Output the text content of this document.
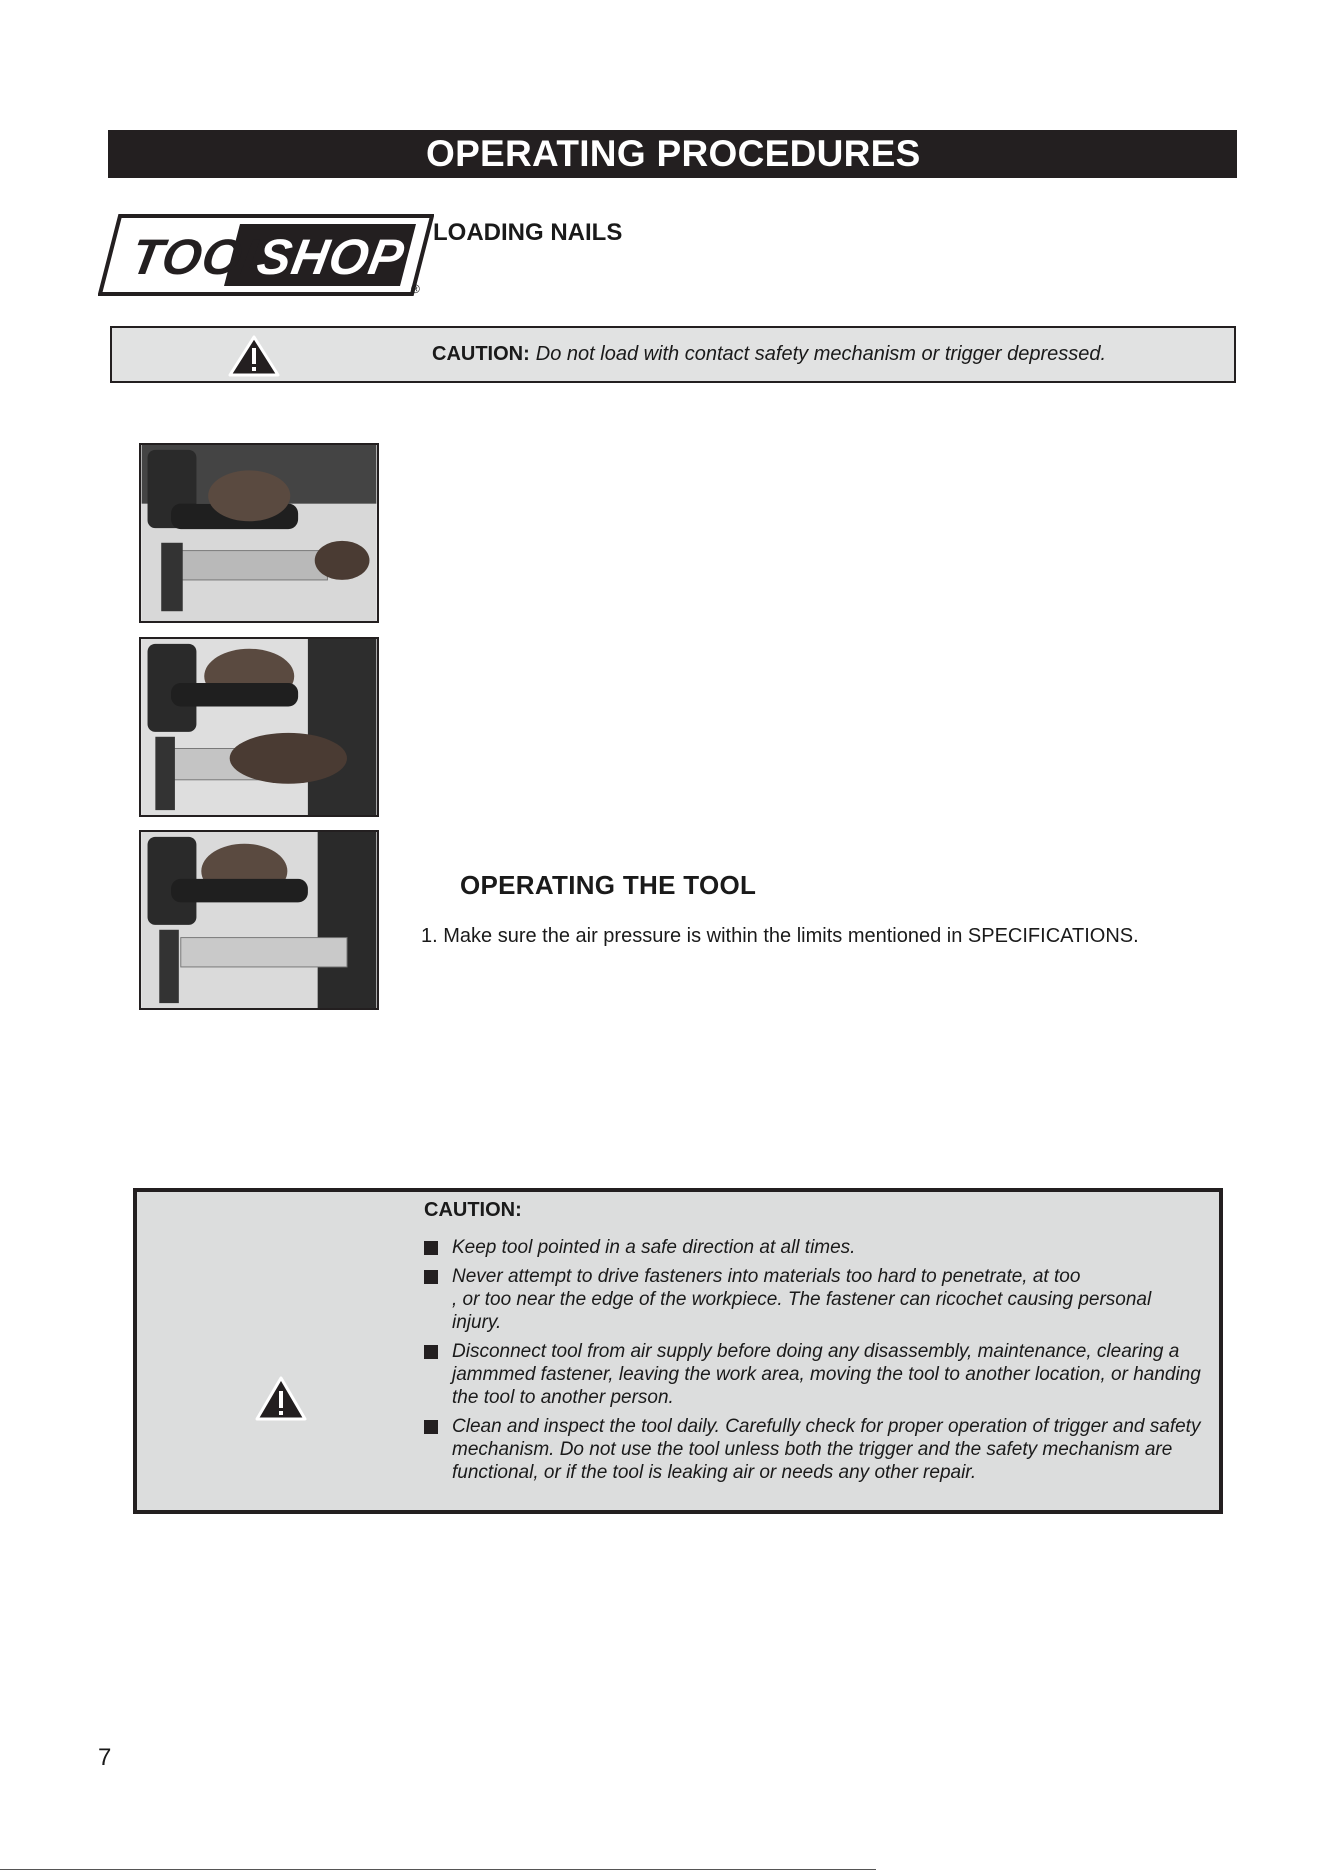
OPERATING PROCEDURES
TOOL
SHOP
®
LOADING NAILS
CAUTION: Do not load with contact safety mechanism or trigger depressed.
OPERATING THE TOOL
1. Make sure the air pressure is within the limits mentioned in SPECIFICATIONS.
CAUTION:
Keep tool pointed in a safe direction at all times.
Never attempt to drive fasteners into materials too hard to penetrate, at too                          , or too near the edge of the workpiece. The fastener can ricochet causing personal injury.
Disconnect tool from air supply before doing any disassembly, maintenance, clearing a jammmed fastener, leaving the work area, moving the tool to another location, or handing the tool to another person.
Clean and inspect the tool daily. Carefully check for proper operation of trigger and safety mechanism. Do not use the tool unless both the trigger and the safety mechanism are functional, or if the tool is leaking air or needs any other repair.
7
